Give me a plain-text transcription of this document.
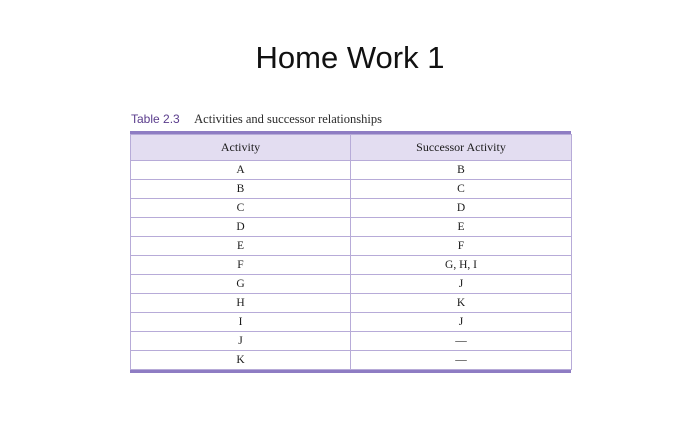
Home Work 1
Table 2.3 Activities and successor relationships
Activity	Successor Activity
A	B
B	C
C	D
D	E
E	F
F	G, H, I
G	J
H	K
I	J
J	—
K	—
